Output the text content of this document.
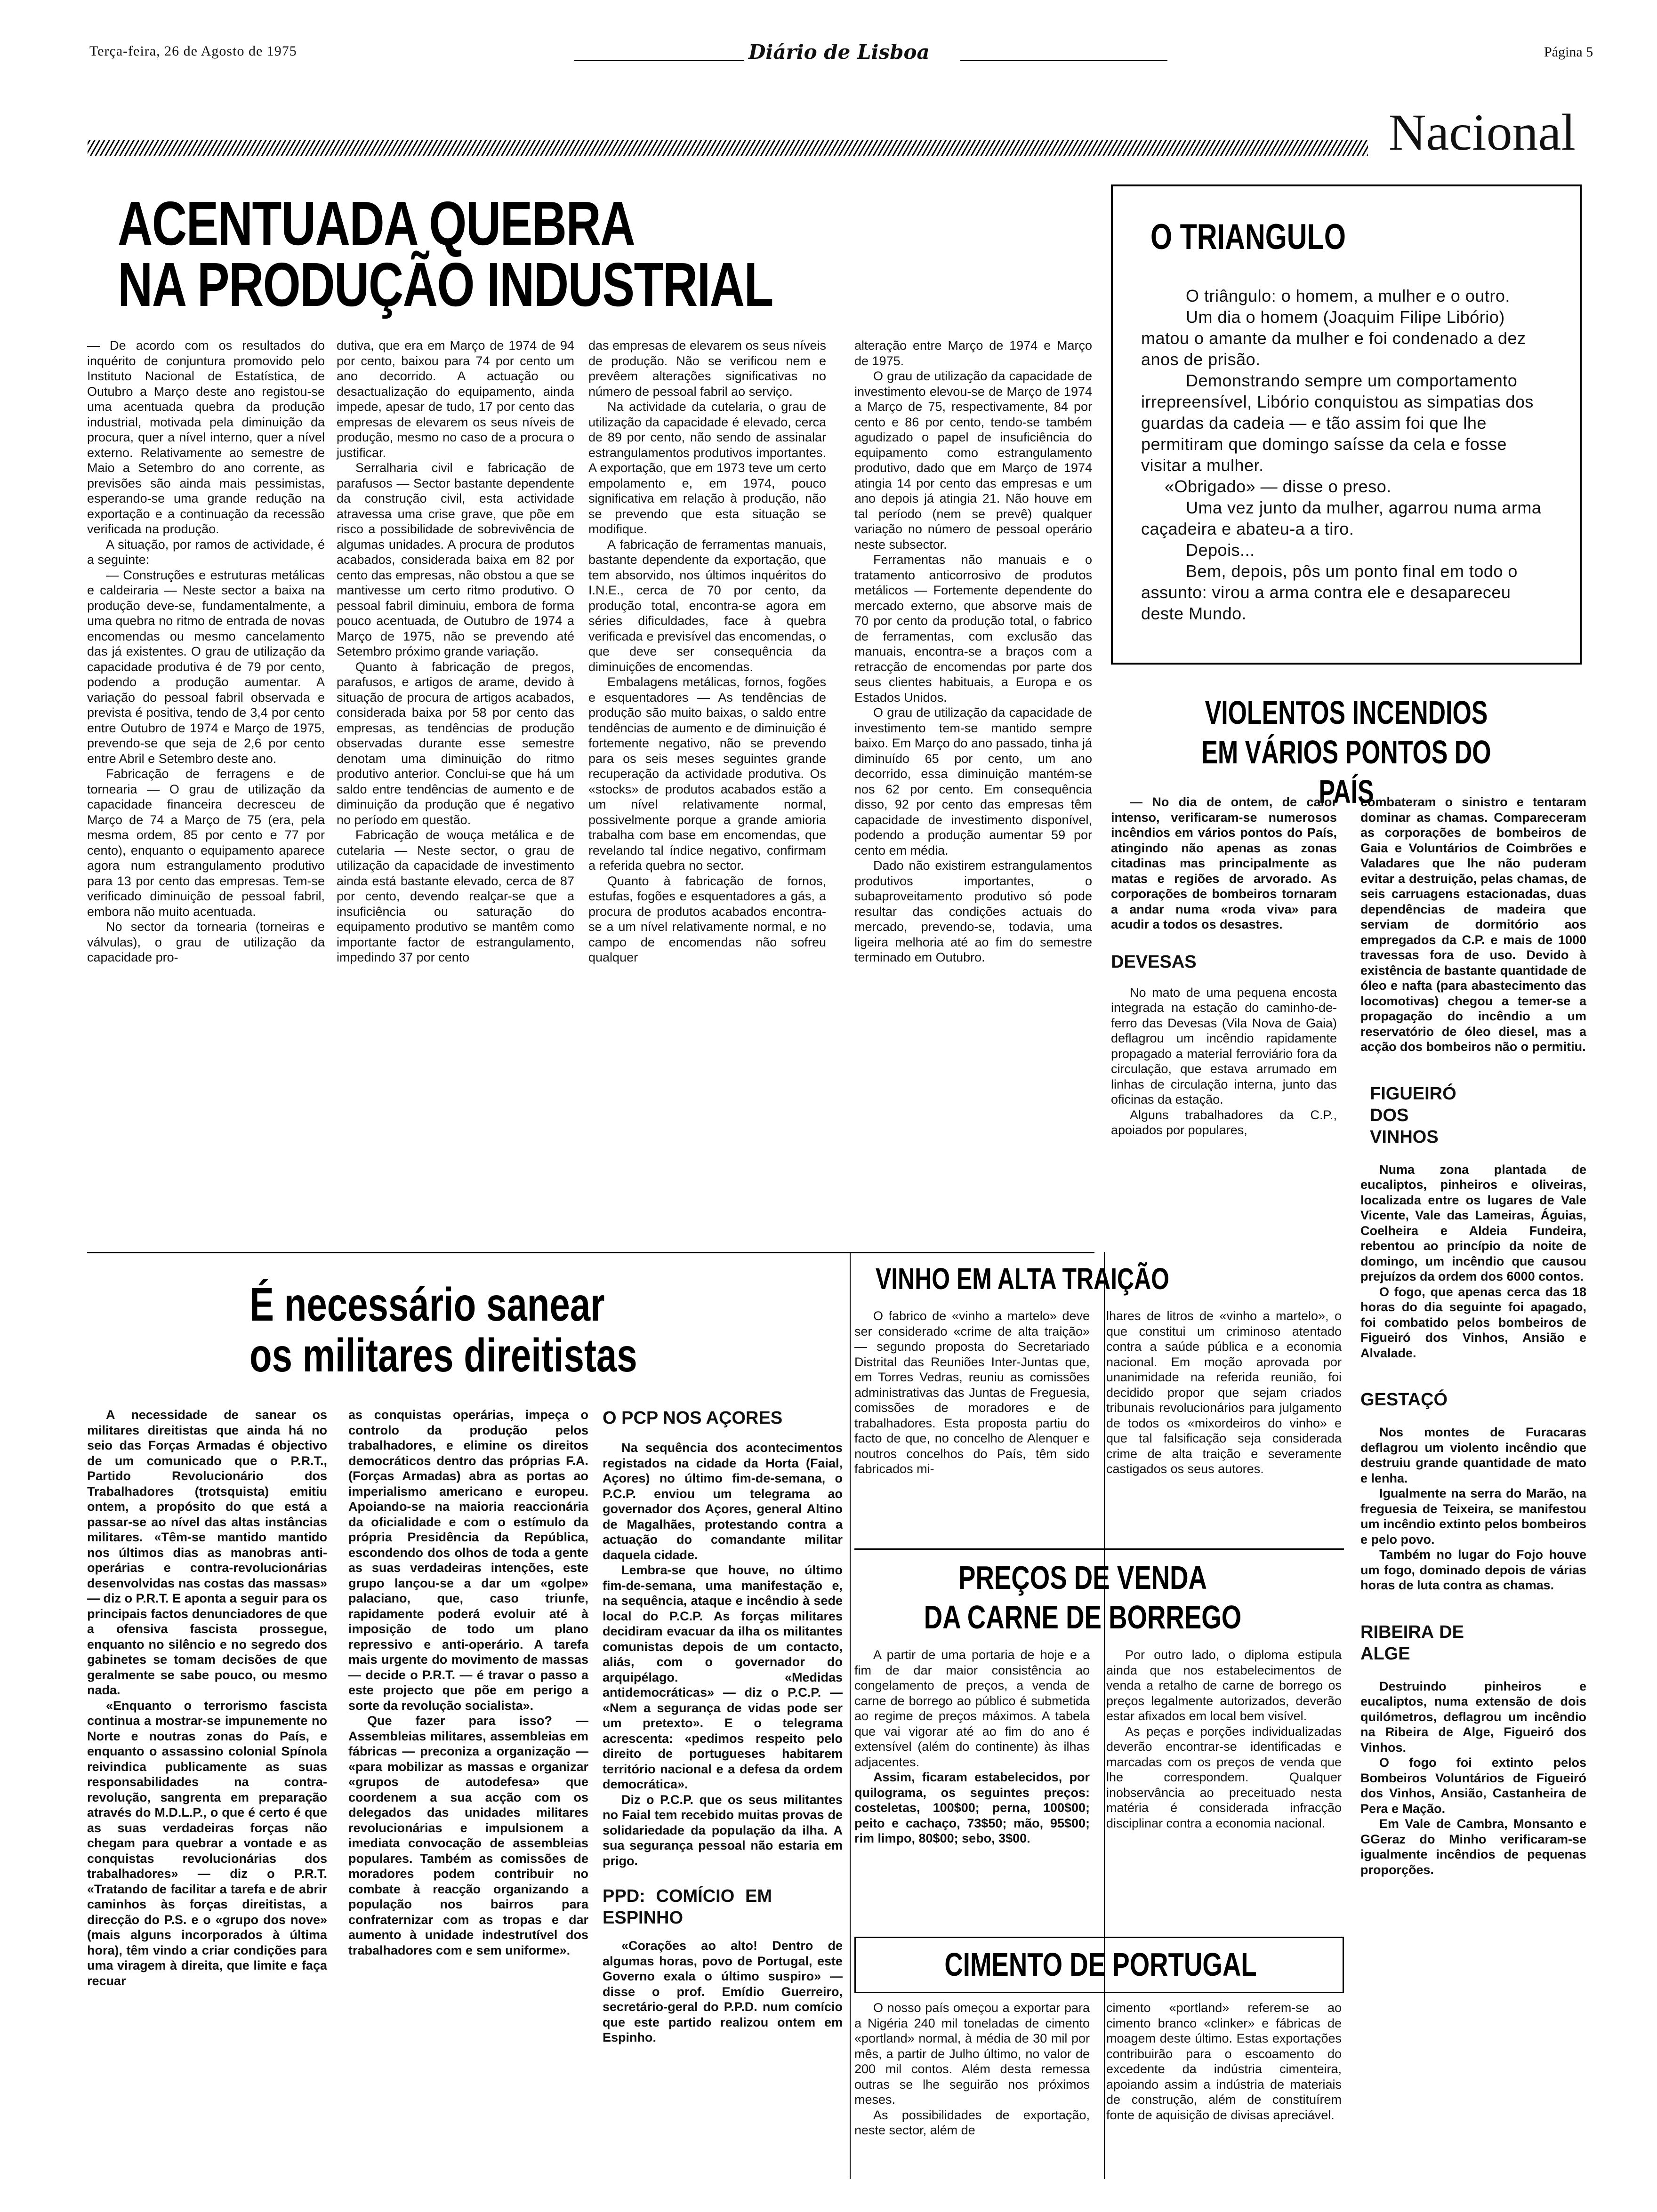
Terça-feira, 26 de Agosto de 1975	Diário de Lisboa	Página 5
Nacional
ACENTUADA QUEBRA
NA PRODUÇÃO INDUSTRIAL

— De acordo com os resultados do inquérito de conjuntura promovido pelo Instituto Nacional de Estatística, de Outubro a Março deste ano registou-se uma acentuada quebra da produção industrial, motivada pela diminuição da procura, quer a nível interno, quer a nível externo. Relativamente ao semestre de Maio a Setembro do ano corrente, as previsões são ainda mais pessimistas, esperando-se uma grande redução na exportação e a continuação da recessão verificada na produção.

A situação, por ramos de actividade, é a seguinte:

— Construções e estruturas metálicas e caldeiraria — Neste sector a baixa na produção deve-se, fundamentalmente, a uma quebra no ritmo de entrada de novas encomendas ou mesmo cancelamento das já existentes. O grau de utilização da capacidade produtiva é de 79 por cento, podendo a produção aumentar. A variação do pessoal fabril observada e prevista é positiva, tendo de 3,4 por cento entre Outubro de 1974 e Março de 1975, prevendo-se que seja de 2,6 por cento entre Abril e Setembro deste ano.

Fabricação de ferragens e de tornearia — O grau de utilização da capacidade financeira decresceu de Março de 74 a Março de 75 (era, pela mesma ordem, 85 por cento e 77 por cento), enquanto o equipamento aparece agora num estrangulamento produtivo para 13 por cento das empresas. Tem-se verificado diminuição de pessoal fabril, embora não muito acentuada.

No sector da tornearia (torneiras e válvulas), o grau de utilização da capacidade pro-

dutiva, que era em Março de 1974 de 94 por cento, baixou para 74 por cento um ano decorrido. A actuação ou desactualização do equipamento, ainda impede, apesar de tudo, 17 por cento das empresas de elevarem os seus níveis de produção, mesmo no caso de a procura o justificar.

Serralharia civil e fabricação de parafusos — Sector bastante dependente da construção civil, esta actividade atravessa uma crise grave, que põe em risco a possibilidade de sobrevivência de algumas unidades. A procura de produtos acabados, considerada baixa em 82 por cento das empresas, não obstou a que se mantivesse um certo ritmo produtivo. O pessoal fabril diminuiu, embora de forma pouco acentuada, de Outubro de 1974 a Março de 1975, não se prevendo até Setembro próximo grande variação.

Quanto à fabricação de pregos, parafusos, e artigos de arame, devido à situação de procura de artigos acabados, considerada baixa por 58 por cento das empresas, as tendências de produção observadas durante esse semestre denotam uma diminuição do ritmo produtivo anterior. Conclui-se que há um saldo entre tendências de aumento e de diminuição da produção que é negativo no período em questão.

Fabricação de wouça metálica e de cutelaria — Neste sector, o grau de utilização da capacidade de investimento ainda está bastante elevado, cerca de 87 por cento, devendo realçar-se que a insuficiência ou saturação do equipamento produtivo se mantêm como importante factor de estrangulamento, impedindo 37 por cento

das empresas de elevarem os seus níveis de produção. Não se verificou nem e prevêem alterações significativas no número de pessoal fabril ao serviço.

Na actividade da cutelaria, o grau de utilização da capacidade é elevado, cerca de 89 por cento, não sendo de assinalar estrangulamentos produtivos importantes. A exportação, que em 1973 teve um certo empolamento e, em 1974, pouco significativa em relação à produção, não se prevendo que esta situação se modifique.

A fabricação de ferramentas manuais, bastante dependente da exportação, que tem absorvido, nos últimos inquéritos do I.N.E., cerca de 70 por cento, da produção total, encontra-se agora em séries dificuldades, face à quebra verificada e previsível das encomendas, o que deve ser consequência da diminuições de encomendas.

Embalagens metálicas, fornos, fogões e esquentadores — As tendências de produção são muito baixas, o saldo entre tendências de aumento e de diminuição é fortemente negativo, não se prevendo para os seis meses seguintes grande recuperação da actividade produtiva. Os «stocks» de produtos acabados estão a um nível relativamente normal, possivelmente porque a grande amioria trabalha com base em encomendas, que revelando tal índice negativo, confirmam a referida quebra no sector.

Quanto à fabricação de fornos, estufas, fogões e esquentadores a gás, a procura de produtos acabados encontra-se a um nível relativamente normal, e no campo de encomendas não sofreu qualquer

alteração entre Março de 1974 e Março de 1975.

O grau de utilização da capacidade de investimento elevou-se de Março de 1974 a Março de 75, respectivamente, 84 por cento e 86 por cento, tendo-se também agudizado o papel de insuficiência do equipamento como estrangulamento produtivo, dado que em Março de 1974 atingia 14 por cento das empresas e um ano depois já atingia 21. Não houve em tal período (nem se prevê) qualquer variação no número de pessoal operário neste subsector.

Ferramentas não manuais e o tratamento anticorrosivo de produtos metálicos — Fortemente dependente do mercado externo, que absorve mais de 70 por cento da produção total, o fabrico de ferramentas, com exclusão das manuais, encontra-se a braços com a retracção de encomendas por parte dos seus clientes habituais, a Europa e os Estados Unidos.

O grau de utilização da capacidade de investimento tem-se mantido sempre baixo. Em Março do ano passado, tinha já diminuído 65 por cento, um ano decorrido, essa diminuição mantém-se nos 62 por cento. Em consequência disso, 92 por cento das empresas têm capacidade de investimento disponível, podendo a produção aumentar 59 por cento em média.

Dado não existirem estrangulamentos produtivos importantes, o subaproveitamento produtivo só pode resultar das condições actuais do mercado, prevendo-se, todavia, uma ligeira melhoria até ao fim do semestre terminado em Outubro.

O TRIANGULO

O triângulo: o homem, a mulher e o outro.

Um dia o homem (Joaquim Filipe Libório) matou o amante da mulher e foi condenado a dez anos de prisão.

Demonstrando sempre um comportamento irrepreensível, Libório conquistou as simpatias dos guardas da cadeia — e tão assim foi que lhe permitiram que domingo saísse da cela e fosse visitar a mulher.

«Obrigado» — disse o preso.

Uma vez junto da mulher, agarrou numa arma caçadeira e abateu-a a tiro.

Depois...

Bem, depois, pôs um ponto final em todo o assunto: virou a arma contra ele e desapareceu deste Mundo.

VIOLENTOS INCENDIOS
EM VÁRIOS PONTOS DO PAÍS

— No dia de ontem, de calor intenso, verificaram-se numerosos incêndios em vários pontos do País, atingindo não apenas as zonas citadinas mas principalmente as matas e regiões de arvorado. As corporações de bombeiros tornaram a andar numa «roda viva» para acudir a todos os desastres.

DEVESAS

No mato de uma pequena encosta integrada na estação do caminho-de-ferro das Devesas (Vila Nova de Gaia) deflagrou um incêndio rapidamente propagado a material ferroviário fora da circulação, que estava arrumado em linhas de circulação interna, junto das oficinas da estação.

Alguns trabalhadores da C.P., apoiados por populares,

combateram o sinistro e tentaram dominar as chamas. Compareceram as corporações de bombeiros de Gaia e Voluntários de Coimbrões e Valadares que lhe não puderam evitar a destruição, pelas chamas, de seis carruagens estacionadas, duas dependências de madeira que serviam de dormitório aos empregados da C.P. e mais de 1000 travessas fora de uso. Devido à existência de bastante quantidade de óleo e nafta (para abastecimento das locomotivas) chegou a temer-se a propagação do incêndio a um reservatório de óleo diesel, mas a acção dos bombeiros não o permitiu.

FIGUEIRÓ DOS VINHOS

Numa zona plantada de eucaliptos, pinheiros e oliveiras, localizada entre os lugares de Vale Vicente, Vale das Lameiras, Águias, Coelheira e Aldeia Fundeira, rebentou ao princípio da noite de domingo, um incêndio que causou prejuízos da ordem dos 6000 contos.

O fogo, que apenas cerca das 18 horas do dia seguinte foi apagado, foi combatido pelos bombeiros de Figueiró dos Vinhos, Ansião e Alvalade.

GESTAÇÓ

Nos montes de Furacaras deflagrou um violento incêndio que destruiu grande quantidade de mato e lenha.

Igualmente na serra do Marão, na freguesia de Teixeira, se manifestou um incêndio extinto pelos bombeiros e pelo povo.

Também no lugar do Fojo houve um fogo, dominado depois de várias horas de luta contra as chamas.

RIBEIRA DE ALGE

Destruindo pinheiros e eucaliptos, numa extensão de dois quilómetros, deflagrou um incêndio na Ribeira de Alge, Figueiró dos Vinhos.

O fogo foi extinto pelos Bombeiros Voluntários de Figueiró dos Vinhos, Ansião, Castanheira de Pera e Mação.

Em Vale de Cambra, Monsanto e GGeraz do Minho verificaram-se igualmente incêndios de pequenas proporções.

É necessário sanear
os militares direitistas

A necessidade de sanear os militares direitistas que ainda há no seio das Forças Armadas é objectivo de um comunicado que o P.R.T., Partido Revolucionário dos Trabalhadores (trotsquista) emitiu ontem, a propósito do que está a passar-se ao nível das altas instâncias militares. «Têm-se mantido mantido nos últimos dias as manobras anti-operárias e contra-revolucionárias desenvolvidas nas costas das massas» — diz o P.R.T. E aponta a seguir para os principais factos denunciadores de que a ofensiva fascista prossegue, enquanto no silêncio e no segredo dos gabinetes se tomam decisões de que geralmente se sabe pouco, ou mesmo nada.

«Enquanto o terrorismo fascista continua a mostrar-se impunemente no Norte e noutras zonas do País, e enquanto o assassino colonial Spínola reivindica publicamente as suas responsabilidades na contra-revolução, sangrenta em preparação através do M.D.L.P., o que é certo é que as suas verdadeiras forças não chegam para quebrar a vontade e as conquistas revolucionárias dos trabalhadores» — diz o P.R.T. «Tratando de facilitar a tarefa e de abrir caminhos às forças direitistas, a direcção do P.S. e o «grupo dos nove» (mais alguns incorporados à última hora), têm vindo a criar condições para uma viragem à direita, que limite e faça recuar

as conquistas operárias, impeça o controlo da produção pelos trabalhadores, e elimine os direitos democráticos dentro das próprias F.A. (Forças Armadas) abra as portas ao imperialismo americano e europeu. Apoiando-se na maioria reaccionária da oficialidade e com o estímulo da própria Presidência da República, escondendo dos olhos de toda a gente as suas verdadeiras intenções, este grupo lançou-se a dar um «golpe» palaciano, que, caso triunfe, rapidamente poderá evoluir até à imposição de todo um plano repressivo e anti-operário. A tarefa mais urgente do movimento de massas — decide o P.R.T. — é travar o passo a este projecto que põe em perigo a sorte da revolução socialista».

Que fazer para isso? — Assembleias militares, assembleias em fábricas — preconiza a organização — «para mobilizar as massas e organizar «grupos de autodefesa» que coordenem a sua acção com os delegados das unidades militares revolucionárias e impulsionem a imediata convocação de assembleias populares. Também as comissões de moradores podem contribuir no combate à reacção organizando a população nos bairros para confraternizar com as tropas e dar aumento à unidade indestrutível dos trabalhadores com e sem uniforme».

O PCP NOS AÇORES

Na sequência dos acontecimentos registados na cidade da Horta (Faial, Açores) no último fim-de-semana, o P.C.P. enviou um telegrama ao governador dos Açores, general Altino de Magalhães, protestando contra a actuação do comandante militar daquela cidade.

Lembra-se que houve, no último fim-de-semana, uma manifestação e, na sequência, ataque e incêndio à sede local do P.C.P. As forças militares decidiram evacuar da ilha os militantes comunistas depois de um contacto, aliás, com o governador do arquipélago. «Medidas antidemocráticas» — diz o P.C.P. — «Nem a segurança de vidas pode ser um pretexto». E o telegrama acrescenta: «pedimos respeito pelo direito de portugueses habitarem território nacional e a defesa da ordem democrática».

Diz o P.C.P. que os seus militantes no Faial tem recebido muitas provas de solidariedade da população da ilha. A sua segurança pessoal não estaria em prigo.

PPD: COMÍCIO EM ESPINHO

«Corações ao alto! Dentro de algumas horas, povo de Portugal, este Governo exala o último suspiro» — disse o prof. Emídio Guerreiro, secretário-geral do P.P.D. num comício que este partido realizou ontem em Espinho.

VINHO EM ALTA TRAIÇÃO

O fabrico de «vinho a martelo» deve ser considerado «crime de alta traição» — segundo proposta do Secretariado Distrital das Reuniões Inter-Juntas que, em Torres Vedras, reuniu as comissões administrativas das Juntas de Freguesia, comissões de moradores e de trabalhadores. Esta proposta partiu do facto de que, no concelho de Alenquer e noutros concelhos do País, têm sido fabricados mi-

lhares de litros de «vinho a martelo», o que constitui um criminoso atentado contra a saúde pública e a economia nacional. Em moção aprovada por unanimidade na referida reunião, foi decidido propor que sejam criados tribunais revolucionários para julgamento de todos os «mixordeiros do vinho» e que tal falsificação seja considerada crime de alta traição e severamente castigados os seus autores.

PREÇOS DE VENDA
DA CARNE DE BORREGO

A partir de uma portaria de hoje e a fim de dar maior consistência ao congelamento de preços, a venda de carne de borrego ao público é submetida ao regime de preços máximos. A tabela que vai vigorar até ao fim do ano é extensível (além do continente) às ilhas adjacentes.

Assim, ficaram estabelecidos, por quilograma, os seguintes preços: costeletas, 100$00; perna, 100$00; peito e cachaço, 73$50; mão, 95$00; rim limpo, 80$00; sebo, 3$00.

Por outro lado, o diploma estipula ainda que nos estabelecimentos de venda a retalho de carne de borrego os preços legalmente autorizados, deverão estar afixados em local bem visível.

As peças e porções individualizadas deverão encontrar-se identificadas e marcadas com os preços de venda que lhe correspondem. Qualquer inobservância ao preceituado nesta matéria é considerada infracção disciplinar contra a economia nacional.

CIMENTO DE PORTUGAL

O nosso país omeçou a exportar para a Nigéria 240 mil toneladas de cimento «portland» normal, à média de 30 mil por mês, a partir de Julho último, no valor de 200 mil contos. Além desta remessa outras se lhe seguirão nos próximos meses.

As possibilidades de exportação, neste sector, além de

cimento «portland» referem-se ao cimento branco «clinker» e fábricas de moagem deste último. Estas exportações contribuirão para o escoamento do excedente da indústria cimenteira, apoiando assim a indústria de materiais de construção, além de constituírem fonte de aquisição de divisas apreciável.
